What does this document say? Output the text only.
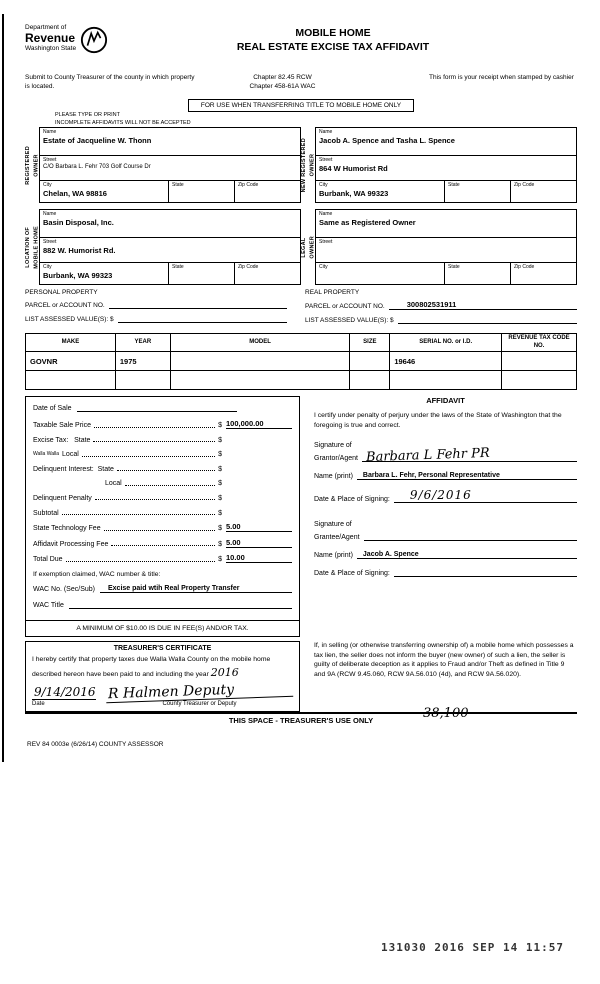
Department of
Revenue
Washington State
MOBILE HOME
REAL ESTATE EXCISE TAX AFFIDAVIT
Submit to County Treasurer of the county in which property is located.
Chapter 82.45 RCW
Chapter 458-61A WAC
This form is your receipt when stamped by cashier
FOR USE WHEN TRANSFERRING TITLE TO MOBILE HOME ONLY
PLEASE TYPE OR PRINT
INCOMPLETE AFFIDAVITS WILL NOT BE ACCEPTED
REGISTERED OWNER
Name
Estate of Jacqueline W. Thonn
Street
C/O Barbara L. Fehr 703 Golf Course Dr
City
Chelan, WA 98816
State	Zip Code	NEW REGISTERED OWNER
Name
Jacob A. Spence and Tasha L. Spence
Street
864 W Humorist Rd
City
Burbank, WA 99323
State	Zip Code
LOCATION OF MOBILE HOME
Name
Basin Disposal, Inc.
Street
882 W. Humorist Rd.
City
Burbank, WA 99323
State	Zip Code
LEGAL OWNER
Name
Same as Registered Owner
Street
City	State	Zip Code
PERSONAL PROPERTY
PARCEL or ACCOUNT NO.
LIST ASSESSED VALUE(S): $
REAL PROPERTY
PARCEL or ACCOUNT NO.	300802531911
LIST ASSESSED VALUE(S): $
MAKE	YEAR	MODEL	SIZE	SERIAL NO. or I.D.	REVENUE TAX CODE NO.
GOVNR	1975			19646	

Date of Sale
Taxable Sale Price	$ 100,000.00
Excise Tax:   State	$
Walla Walla Local	$
Delinquent Interest:  State	$
Local	$
Delinquent Penalty	$
Subtotal	$
State Technology Fee	$ 5.00
Affidavit Processing Fee	$ 5.00
Total Due	$ 10.00
If exemption claimed, WAC number & title:
WAC No. (Sec/Sub)	Excise paid wtih Real Property Transfer
WAC Title
A MINIMUM OF $10.00 IS DUE IN FEE(S) AND/OR TAX.
AFFIDAVIT
I certify under penalty of perjury under the laws of the State of Washington that the foregoing is true and correct.
Signature of
Grantor/Agent Barbara L Fehr PR
Name (print)	Barbara L. Fehr, Personal Representative
Date & Place of Signing:	9/6/2016
Signature of
Grantee/Agent
Name (print)	Jacob A. Spence
Date & Place of Signing:
TREASURER'S CERTIFICATE
I hereby certify that property taxes due Walla Walla County on the mobile home described hereon have been paid to and including the year 2016
9/14/2016
Date
R Halmen Deputy
County Treasurer or Deputy
If, in selling (or otherwise transferring ownership of) a mobile home which possesses a tax lien, the seller does not inform the buyer (new owner) of such a lien, the seller is guilty of deliberate deception as it applies to Fraud and/or Theft as defined in Title 9 and 9A (RCW 9.45.060, RCW 9A.56.010 (4d), and RCW 9A.56.020).
THIS SPACE - TREASURER'S USE ONLY	38,100
REV 84 0003e (6/26/14) COUNTY ASSESSOR
131030 2016 SEP 14 11:57
